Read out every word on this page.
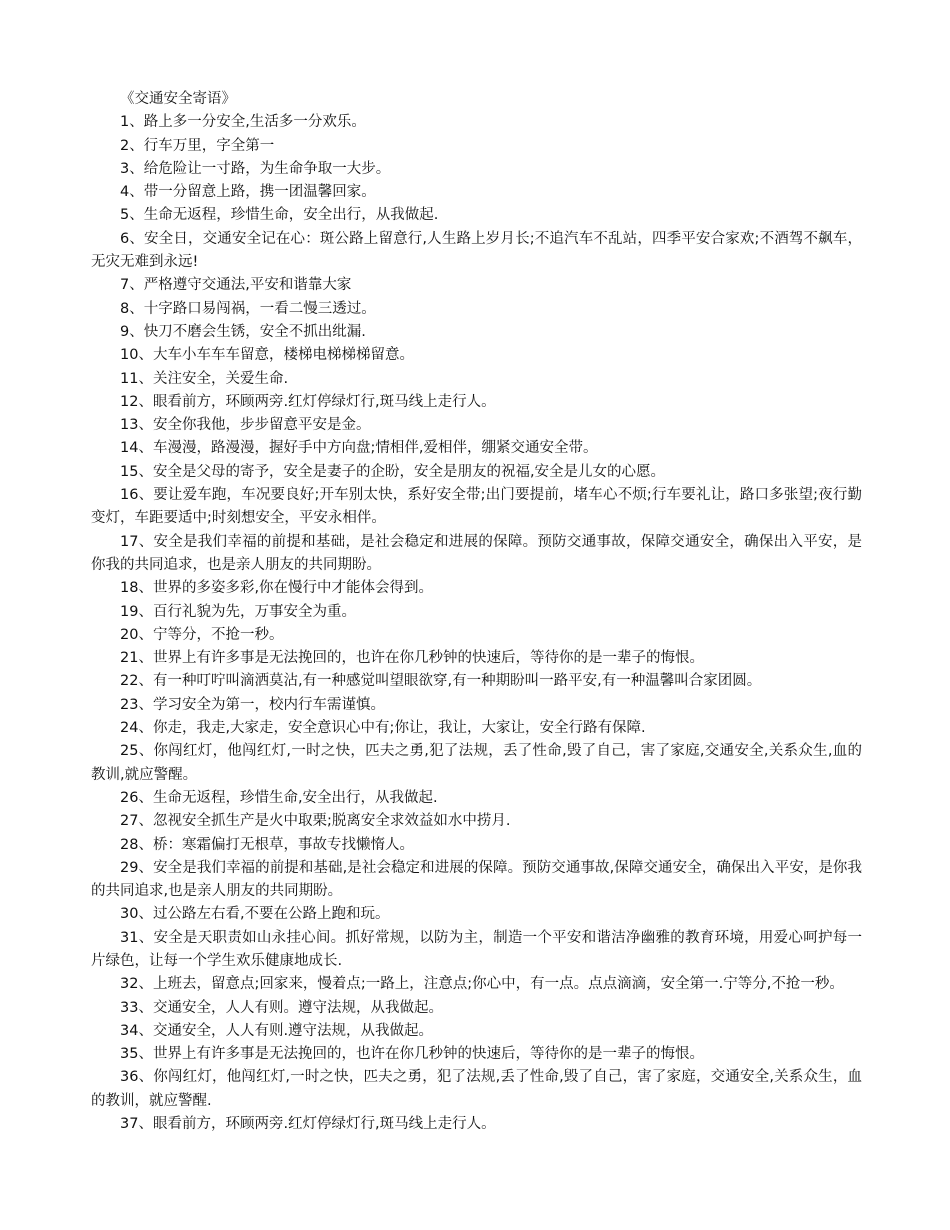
《交通安全寄语》

1、路上多一分安全,生活多一分欢乐。

2、行车万里，字全第一

3、给危险让一寸路，为生命争取一大步。

4、带一分留意上路，携一团温馨回家。

5、生命无返程，珍惜生命，安全出行，从我做起.

6、安全日，交通安全记在心：斑公路上留意行,人生路上岁月长;不追汽车不乱站，四季平安合家欢;不酒驾不飙车，无灾无难到永远!

7、严格遵守交通法,平安和谐靠大家

8、十字路口易闯祸，一看二慢三透过。

9、快刀不磨会生锈，安全不抓出纰漏.

10、大车小车车车留意，楼梯电梯梯梯留意。

11、关注安全，关爱生命.

12、眼看前方，环顾两旁.红灯停绿灯行,斑马线上走行人。

13、安全你我他，步步留意平安是金。

14、车漫漫，路漫漫，握好手中方向盘;情相伴,爱相伴，绷紧交通安全带。

15、安全是父母的寄予，安全是妻子的企盼，安全是朋友的祝福,安全是儿女的心愿。

16、要让爱车跑，车况要良好;开车别太快，系好安全带;出门要提前，堵车心不烦;行车要礼让，路口多张望;夜行勤变灯，车距要适中;时刻想安全，平安永相伴。

17、安全是我们幸福的前提和基础，是社会稳定和进展的保障。预防交通事故，保障交通安全，确保出入平安，是你我的共同追求，也是亲人朋友的共同期盼。

18、世界的多姿多彩,你在慢行中才能体会得到。

19、百行礼貌为先，万事安全为重。

20、宁等分，不抢一秒。

21、世界上有许多事是无法挽回的，也许在你几秒钟的快速后，等待你的是一辈子的悔恨。

22、有一种叮咛叫滴洒莫沾,有一种感觉叫望眼欲穿,有一种期盼叫一路平安,有一种温馨叫合家团圆。

23、学习安全为第一，校内行车需谨慎。

24、你走，我走,大家走，安全意识心中有;你让，我让，大家让，安全行路有保障.

25、你闯红灯，他闯红灯,一时之快，匹夫之勇,犯了法规，丢了性命,毁了自己，害了家庭,交通安全,关系众生,血的教训,就应警醒。

26、生命无返程，珍惜生命,安全出行，从我做起.

27、忽视安全抓生产是火中取栗;脱离安全求效益如水中捞月.

28、桥：寒霜偏打无根草，事故专找懒惰人。

29、安全是我们幸福的前提和基础,是社会稳定和进展的保障。预防交通事故,保障交通安全，确保出入平安，是你我的共同追求,也是亲人朋友的共同期盼。

30、过公路左右看,不要在公路上跑和玩。

31、安全是天职责如山永挂心间。抓好常规，以防为主，制造一个平安和谐洁净幽雅的教育环境，用爱心呵护每一片绿色，让每一个学生欢乐健康地成长.

32、上班去，留意点;回家来，慢着点;一路上，注意点;你心中，有一点。点点滴滴，安全第一.宁等分,不抢一秒。

33、交通安全，人人有则。遵守法规，从我做起。

34、交通安全，人人有则.遵守法规，从我做起。

35、世界上有许多事是无法挽回的，也许在你几秒钟的快速后，等待你的是一辈子的悔恨。

36、你闯红灯，他闯红灯,一时之快，匹夫之勇，犯了法规,丢了性命,毁了自己，害了家庭，交通安全,关系众生，血的教训，就应警醒.

37、眼看前方，环顾两旁.红灯停绿灯行,斑马线上走行人。
